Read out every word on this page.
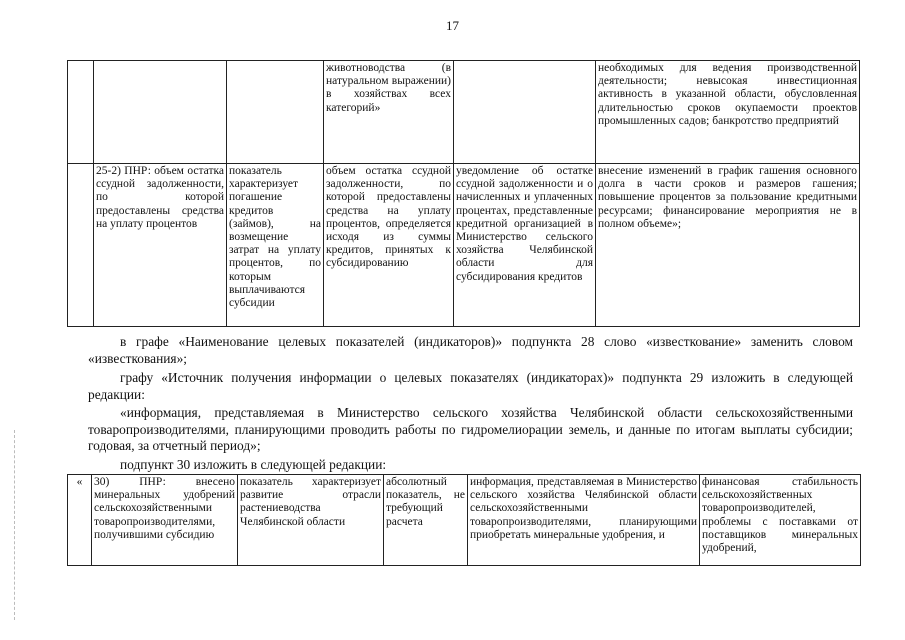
17
			животноводства (в натуральном выражении) в хозяйствах всех категорий»		необходимых для ведения производственной деятельности; невысокая инвестиционная активность в указанной области, обусловленная длительностью сроков окупаемости проектов промышленных садов; банкротство предприятий
	25-2) ПНР: объем остатка ссудной задолженности, по которой предоставлены средства на уплату процентов	показатель характеризует погашение кредитов (займов), на возмещение затрат на уплату процентов, по которым выплачиваются субсидии	объем остатка ссудной задолженности, по которой предоставлены средства на уплату процентов, определяется исходя из суммы кредитов, принятых к субсидированию	уведомление об остатке ссудной задолженности и о начисленных и уплаченных процентах, представленные кредитной организацией в Министерство сельского хозяйства Челябинской области для субсидирования кредитов	внесение изменений в график гашения основного долга в части сроков и размеров гашения; повышение процентов за пользование кредитными ресурсами; финансирование мероприятия не в полном объеме»;
в графе «Наименование целевых показателей (индикаторов)» подпункта 28 слово «известкование» заменить словом «известкования»;
графу «Источник получения информации о целевых показателях (индикаторах)» подпункта 29 изложить в следующей редакции:
«информация, представляемая в Министерство сельского хозяйства Челябинской области сельскохозяйственными товаропроизводителями, планирующими проводить работы по гидромелиорации земель, и данные по итогам выплаты субсидии; годовая, за отчетный период»;
подпункт 30 изложить в следующей редакции:
«	30) ПНР: внесено минеральных удобрений сельскохозяйственными товаропроизводителями, получившими субсидию	показатель характеризует развитие отрасли растениеводства Челябинской области	абсолютный показатель, не требующий расчета	информация, представляемая в Министерство сельского хозяйства Челябинской области сельскохозяйственными товаропроизводителями, планирующими приобретать минеральные удобрения, и	финансовая стабильность сельскохозяйственных товаропроизводителей, проблемы с поставками от поставщиков минеральных удобрений,
